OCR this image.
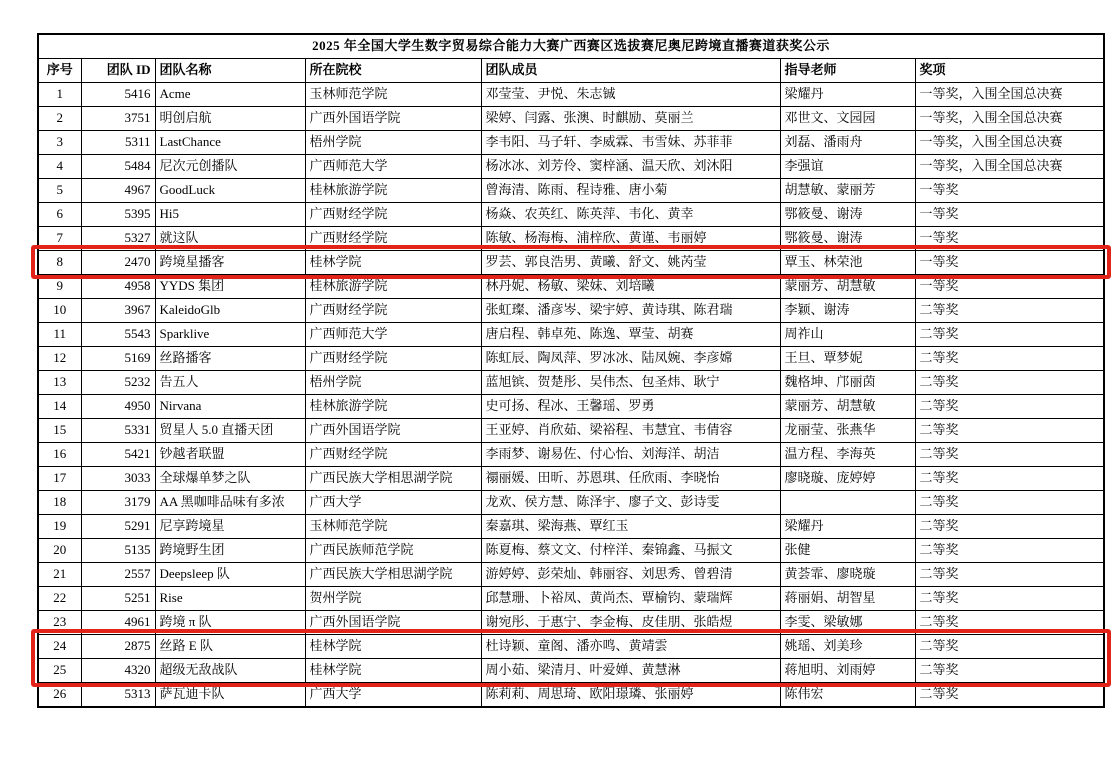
2025 年全国大学生数字贸易综合能力大赛广西赛区选拔赛尼奥尼跨境直播赛道获奖公示						
序号	团队 ID	团队名称	所在院校	团队成员	指导老师	奖项
1	5416	Acme	玉林师范学院	邓莹莹、尹悦、朱志铖	梁耀丹	一等奖，入围全国总决赛
2	3751	明创启航	广西外国语学院	梁婷、闫露、张澳、时麒励、莫丽兰	邓世文、文园园	一等奖，入围全国总决赛
3	5311	LastChance	梧州学院	李韦阳、马子轩、李威霖、韦雪妹、苏菲菲	刘磊、潘雨舟	一等奖，入围全国总决赛
4	5484	尼次元创播队	广西师范大学	杨冰冰、刘芳伶、窦梓涵、温天欣、刘沐阳	李强谊	一等奖，入围全国总决赛
5	4967	GoodLuck	桂林旅游学院	曾海清、陈雨、程诗雅、唐小菊	胡慧敏、蒙丽芳	一等奖
6	5395	Hi5	广西财经学院	杨焱、农英红、陈英萍、韦化、黄幸	鄂筱曼、谢涛	一等奖
7	5327	就这队	广西财经学院	陈敏、杨海梅、浦梓欣、黄谨、韦丽婷	鄂筱曼、谢涛	一等奖
8	2470	跨境星播客	桂林学院	罗芸、郭良浩男、黄曦、舒文、姚芮莹	覃玉、林荣池	一等奖
9	4958	YYDS 集团	桂林旅游学院	林丹妮、杨敏、梁妹、刘培曦	蒙丽芳、胡慧敏	一等奖
10	3967	KaleidoGlb	广西财经学院	张虹璨、潘彦岑、梁宇婷、黄诗琪、陈君瑞	李颖、谢涛	二等奖
11	5543	Sparklive	广西师范大学	唐启程、韩卓苑、陈逸、覃莹、胡赛	周祚山	二等奖
12	5169	丝路播客	广西财经学院	陈虹辰、陶凤萍、罗冰冰、陆凤婉、李彦嫦	王旦、覃梦妮	二等奖
13	5232	告五人	梧州学院	蓝旭镔、贺楚彤、吴伟杰、包圣炜、耿宁	魏格坤、邝丽茵	二等奖
14	4950	Nirvana	桂林旅游学院	史可扬、程冰、王馨瑶、罗勇	蒙丽芳、胡慧敏	二等奖
15	5331	贸星人 5.0 直播天团	广西外国语学院	王亚婷、肖欣茹、梁裕程、韦慧宜、韦倩容	龙丽莹、张燕华	二等奖
16	5421	钞越者联盟	广西财经学院	李雨梦、谢易佐、付心怡、刘海洋、胡洁	温方程、李海英	二等奖
17	3033	全球爆单梦之队	广西民族大学相思湖学院	禤丽媛、田昕、苏恩琪、任欣雨、李晓怡	廖晓璇、庞婷婷	二等奖
18	3179	AA 黑咖啡品味有多浓	广西大学	龙欢、侯方慧、陈泽宇、廖子文、彭诗雯		二等奖
19	5291	尼享跨境星	玉林师范学院	秦嘉琪、梁海燕、覃红玉	梁耀丹	二等奖
20	5135	跨境野生团	广西民族师范学院	陈夏梅、蔡文文、付梓洋、秦锦鑫、马振文	张健	二等奖
21	2557	Deepsleep 队	广西民族大学相思湖学院	游婷婷、彭荣灿、韩丽容、刘思秀、曾碧清	黄荟霏、廖晓璇	二等奖
22	5251	Rise	贺州学院	邱慧珊、卜裕凤、黄尚杰、覃榆钧、蒙瑞辉	蒋丽娟、胡智星	二等奖
23	4961	跨境 π 队	广西外国语学院	谢宛彤、于惠宁、李金梅、皮佳朋、张皓煜	李雯、梁敏娜	二等奖
24	2875	丝路 E 队	桂林学院	杜诗颖、童阁、潘亦鸣、黄靖雲	姚瑶、刘美珍	二等奖
25	4320	超级无敌战队	桂林学院	周小茹、梁清月、叶爱婵、黄慧淋	蒋旭明、刘雨婷	二等奖
26	5313	萨瓦迪卡队	广西大学	陈莉莉、周思琦、欧阳璟璘、张丽婷	陈伟宏	二等奖
